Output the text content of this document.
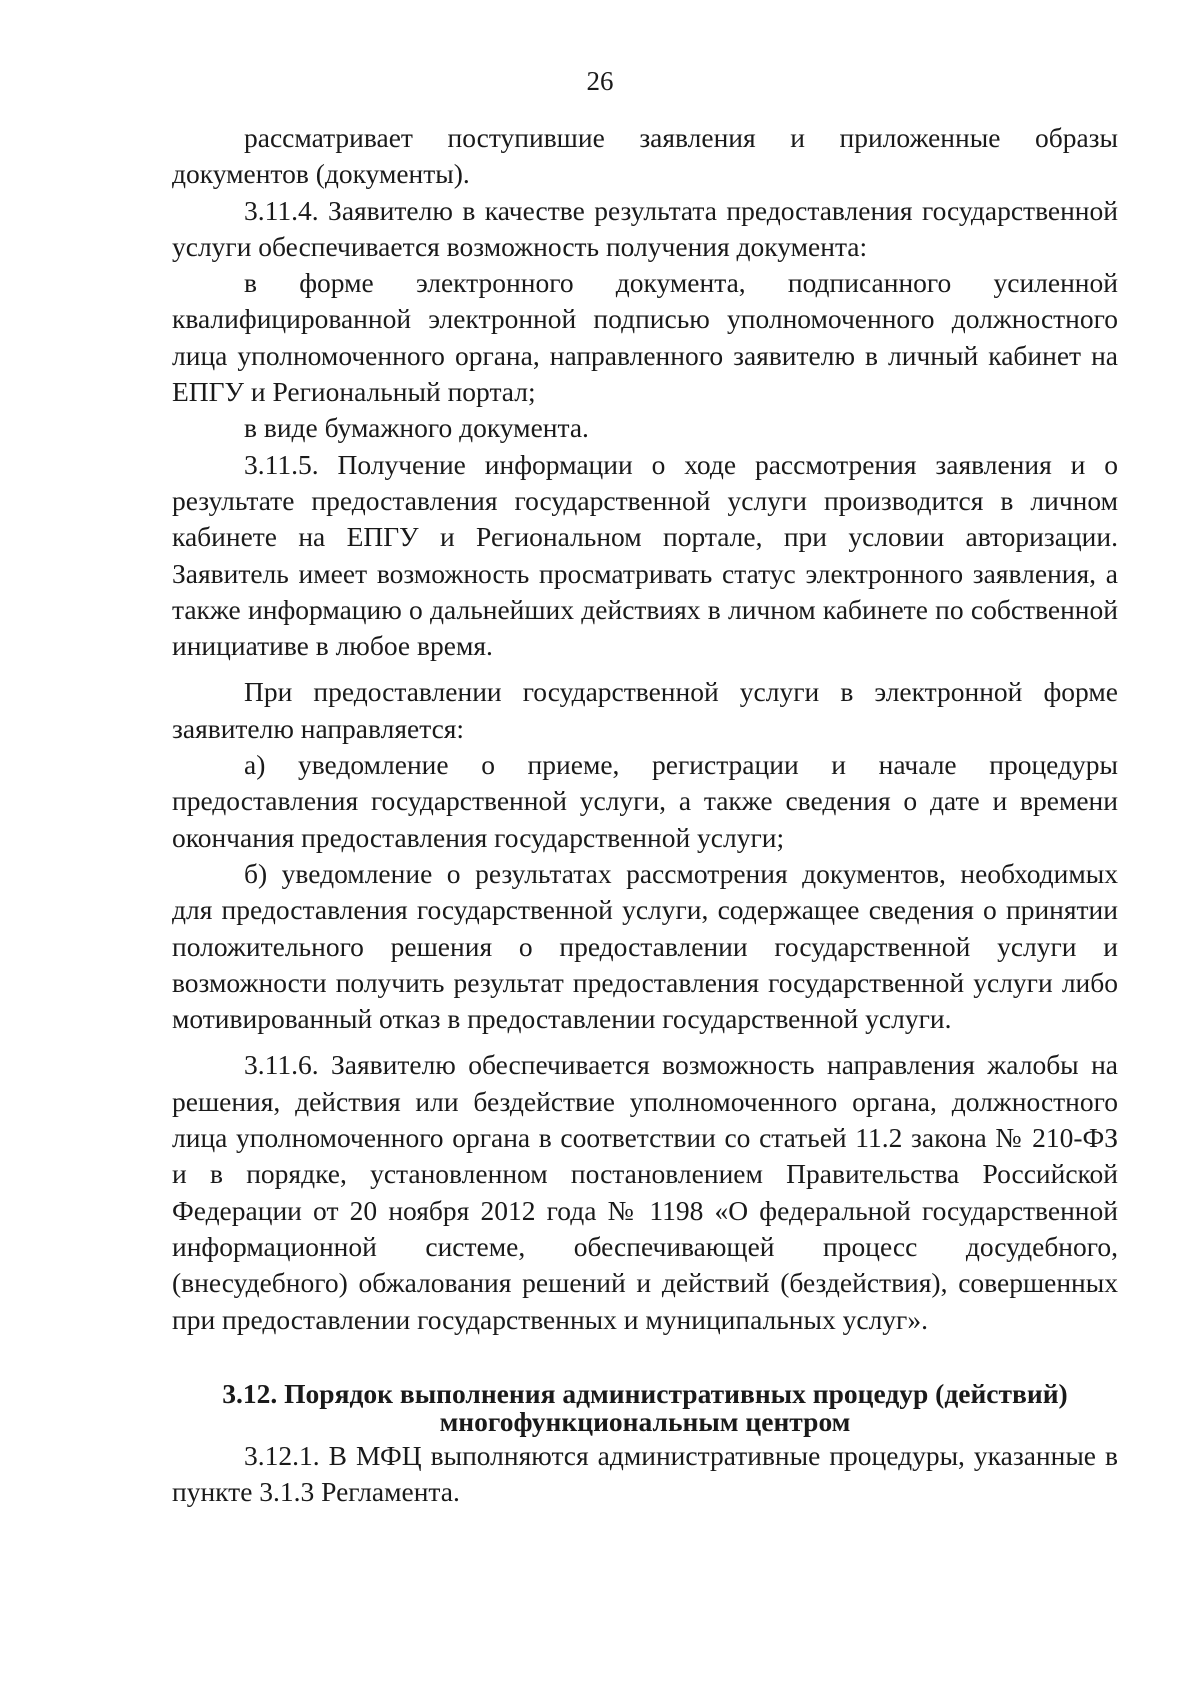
26

рассматривает поступившие заявления и приложенные образы документов (документы).

3.11.4. Заявителю в качестве результата предоставления государственной услуги обеспечивается возможность получения документа:

в форме электронного документа, подписанного усиленной квалифицированной электронной подписью уполномоченного должностного лица уполномоченного органа, направленного заявителю в личный кабинет на ЕПГУ и Региональный портал;

в виде бумажного документа.

3.11.5. Получение информации о ходе рассмотрения заявления и о результате предоставления государственной услуги производится в личном кабинете на ЕПГУ и Региональном портале, при условии авторизации. Заявитель имеет возможность просматривать статус электронного заявления, а также информацию о дальнейших действиях в личном кабинете по собственной инициативе в любое время.

При предоставлении государственной услуги в электронной форме заявителю направляется:

а) уведомление о приеме, регистрации и начале процедуры предоставления государственной услуги, а также сведения о дате и времени окончания предоставления государственной услуги;

б) уведомление о результатах рассмотрения документов, необходимых для предоставления государственной услуги, содержащее сведения о принятии положительного решения о предоставлении государственной услуги и возможности получить результат предоставления государственной услуги либо мотивированный отказ в предоставлении государственной услуги.

3.11.6. Заявителю обеспечивается возможность направления жалобы на решения, действия или бездействие уполномоченного органа, должностного лица уполномоченного органа в соответствии со статьей 11.2 закона № 210-ФЗ и в порядке, установленном постановлением Правительства Российской Федерации от 20 ноября 2012 года № 1198 «О федеральной государственной информационной системе, обеспечивающей процесс досудебного, (внесудебного) обжалования решений и действий (бездействия), совершенных при предоставлении государственных и муниципальных услуг».

3.12. Порядок выполнения административных процедур (действий)
многофункциональным центром

3.12.1. В МФЦ выполняются административные процедуры, указанные в пункте 3.1.3 Регламента.
